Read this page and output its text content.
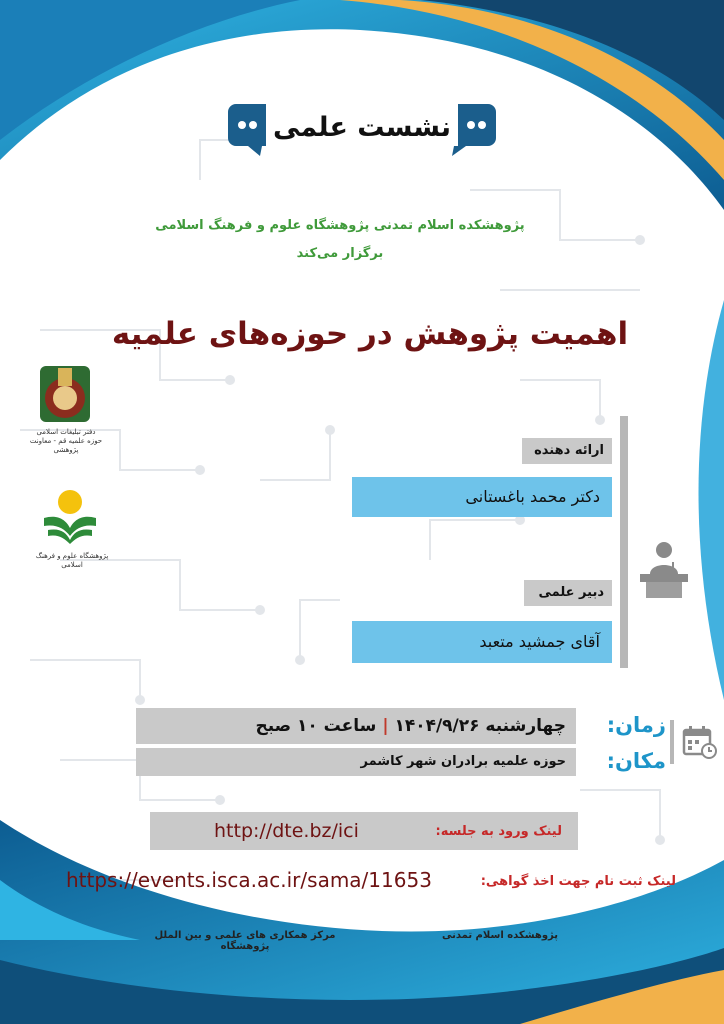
نشست علمی
پژوهشکده اسلام تمدنی پژوهشگاه علوم و فرهنگ اسلامی
برگزار می‌کند
اهمیت پژوهش در حوزه‌های علمیه
دفتر تبلیغات اسلامی حوزه علمیه قم - معاونت پژوهشی
پژوهشگاه علوم و فرهنگ اسلامی
ارائه دهنده
دکتر محمد باغستانی
دبیر علمی
آقای جمشید متعبد
چهارشنبه ۱۴۰۴/۹/۲۶ | ساعت ۱۰ صبح
حوزه علمیه برادران شهر کاشمر
زمان:
مکان:
http://dte.bz/ici	لینک ورود به جلسه:
https://events.isca.ac.ir/sama/11653	لینک ثبت نام جهت اخذ گواهی:
پژوهشکده اسلام تمدنی
مرکز همکاری های علمی و بین الملل پژوهشگاه
